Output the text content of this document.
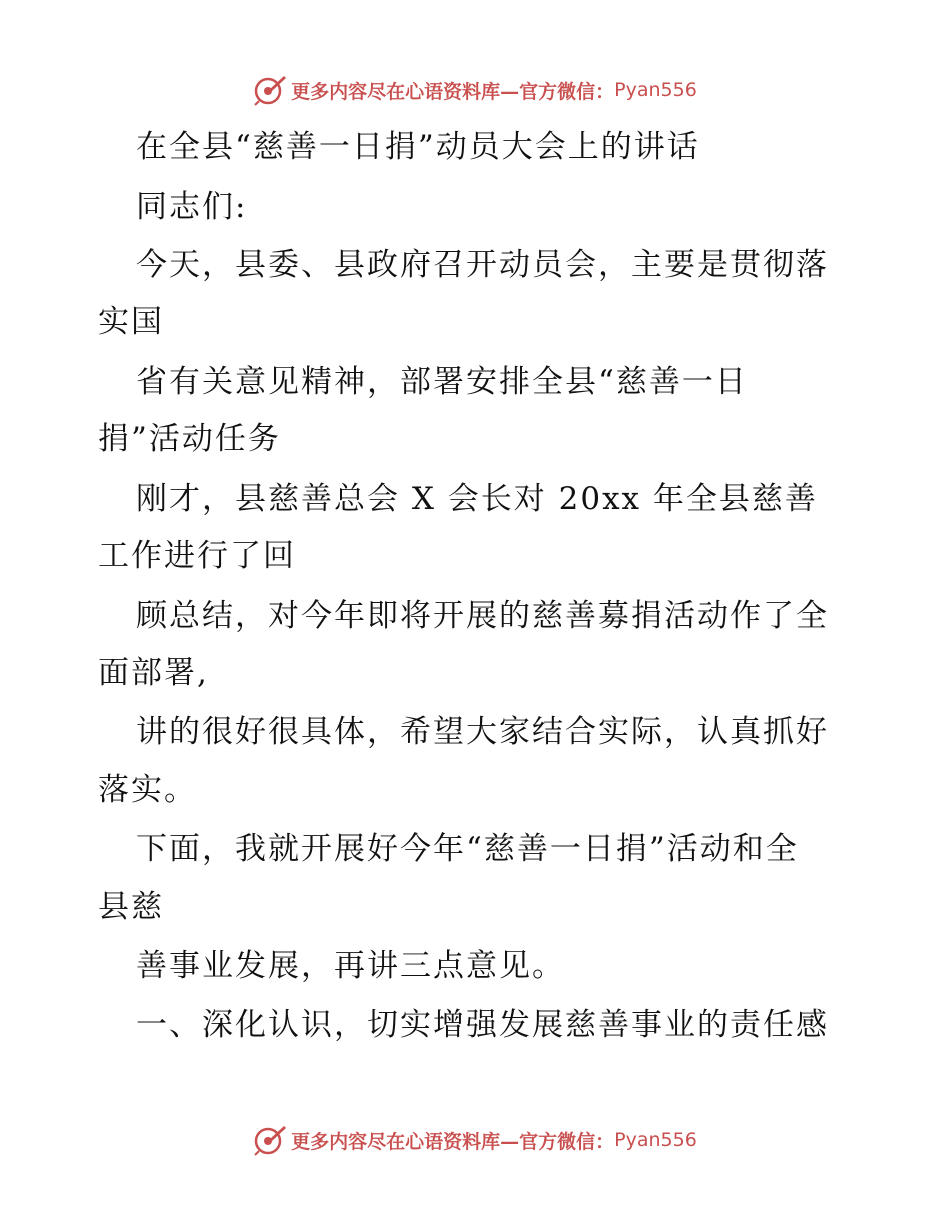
更多内容尽在心语资料库—官方微信： Pyan556
在全县“慈善一日捐”动员大会上的讲话
同志们:
今天，县委、县政府召开动员会，主要是贯彻落
实国
省有关意见精神，部署安排全县“慈善一日
捐”活动任务
刚才，县慈善总会 X 会长对 20xx 年全县慈善
工作进行了回
顾总结，对今年即将开展的慈善募捐活动作了全
面部署,
讲的很好很具体，希望大家结合实际，认真抓好
落实。
下面，我就开展好今年“慈善一日捐”活动和全
县慈
善事业发展，再讲三点意见。
一、深化认识，切实增强发展慈善事业的责任感
更多内容尽在心语资料库—官方微信： Pyan556
